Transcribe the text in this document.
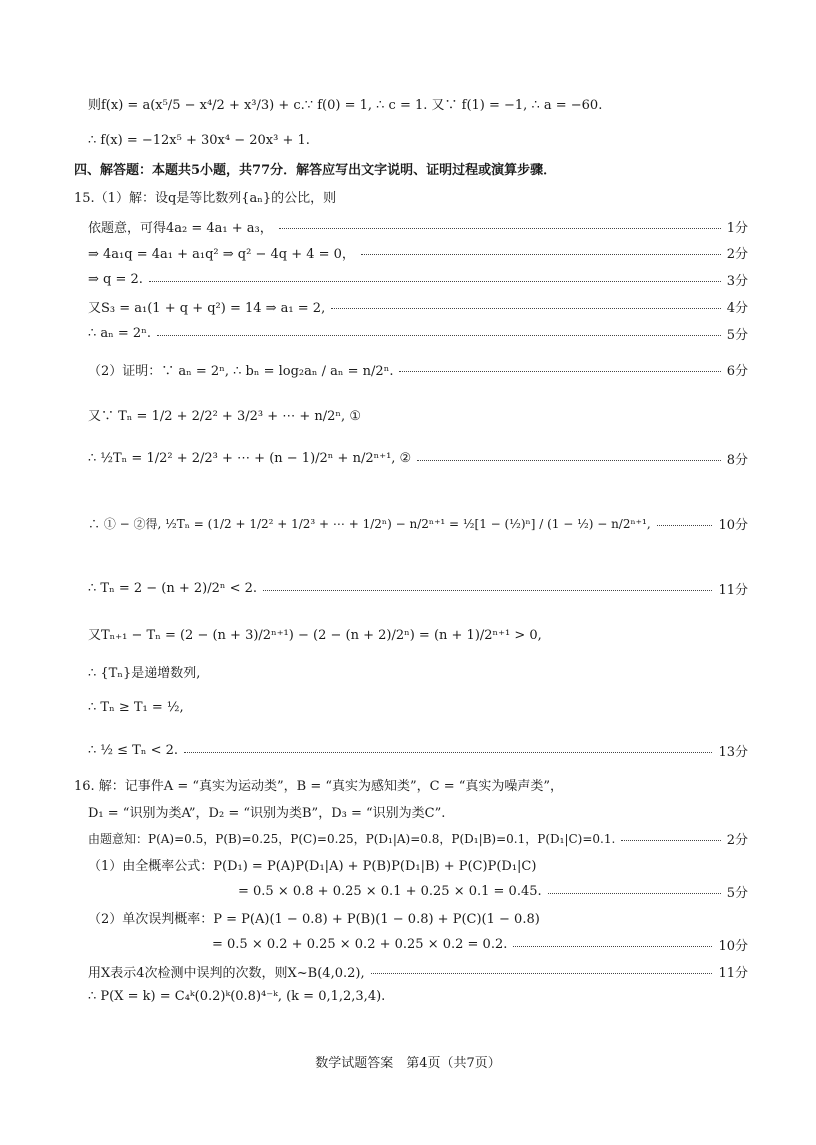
则f(x) = a(x⁵/5 − x⁴/2 + x³/3) + c.∵ f(0) = 1, ∴ c = 1. 又∵ f(1) = −1, ∴ a = −60.
∴ f(x) = −12x⁵ + 30x⁴ − 20x³ + 1.
四、解答题：本题共5小题，共77分．解答应写出文字说明、证明过程或演算步骤．
15.（1）解：设q是等比数列{aₙ}的公比，则
依题意，可得4a₂ = 4a₁ + a₃，	1分
⇒ 4a₁q = 4a₁ + a₁q² ⇒ q² − 4q + 4 = 0，	2分
⇒ q = 2.	3分
又S₃ = a₁(1 + q + q²) = 14 ⇒ a₁ = 2,	4分
∴ aₙ = 2ⁿ.	5分
（2）证明：∵ aₙ = 2ⁿ, ∴ bₙ = log₂aₙ / aₙ = n/2ⁿ.	6分
又∵ Tₙ = 1/2 + 2/2² + 3/2³ + ⋯ + n/2ⁿ, ①
∴ ½Tₙ = 1/2² + 2/2³ + ⋯ + (n − 1)/2ⁿ + n/2ⁿ⁺¹, ②	8分
∴ ① − ②得, ½Tₙ = (1/2 + 1/2² + 1/2³ + ⋯ + 1/2ⁿ) − n/2ⁿ⁺¹ = ½[1 − (½)ⁿ] / (1 − ½) − n/2ⁿ⁺¹,	10分
∴ Tₙ = 2 − (n + 2)/2ⁿ < 2.	11分
又Tₙ₊₁ − Tₙ = (2 − (n + 3)/2ⁿ⁺¹) − (2 − (n + 2)/2ⁿ) = (n + 1)/2ⁿ⁺¹ > 0,
∴ {Tₙ}是递增数列,
∴ Tₙ ≥ T₁ = ½,
∴ ½ ≤ Tₙ < 2.	13分
16. 解：记事件A = “真实为运动类”，B = “真实为感知类”，C = “真实为噪声类”，
D₁ = “识别为类A”，D₂ = “识别为类B”，D₃ = “识别为类C”.
由题意知：P(A)=0.5，P(B)=0.25，P(C)=0.25，P(D₁|A)=0.8，P(D₁|B)=0.1，P(D₁|C)=0.1.	2分
（1）由全概率公式：P(D₁) = P(A)P(D₁|A) + P(B)P(D₁|B) + P(C)P(D₁|C)
= 0.5 × 0.8 + 0.25 × 0.1 + 0.25 × 0.1 = 0.45.	5分
（2）单次误判概率：P = P(A)(1 − 0.8) + P(B)(1 − 0.8) + P(C)(1 − 0.8)
= 0.5 × 0.2 + 0.25 × 0.2 + 0.25 × 0.2 = 0.2.	10分
用X表示4次检测中误判的次数，则X~B(4,0.2),	11分
∴ P(X = k) = C₄ᵏ(0.2)ᵏ(0.8)⁴⁻ᵏ, (k = 0,1,2,3,4).
数学试题答案　第4页（共7页）
